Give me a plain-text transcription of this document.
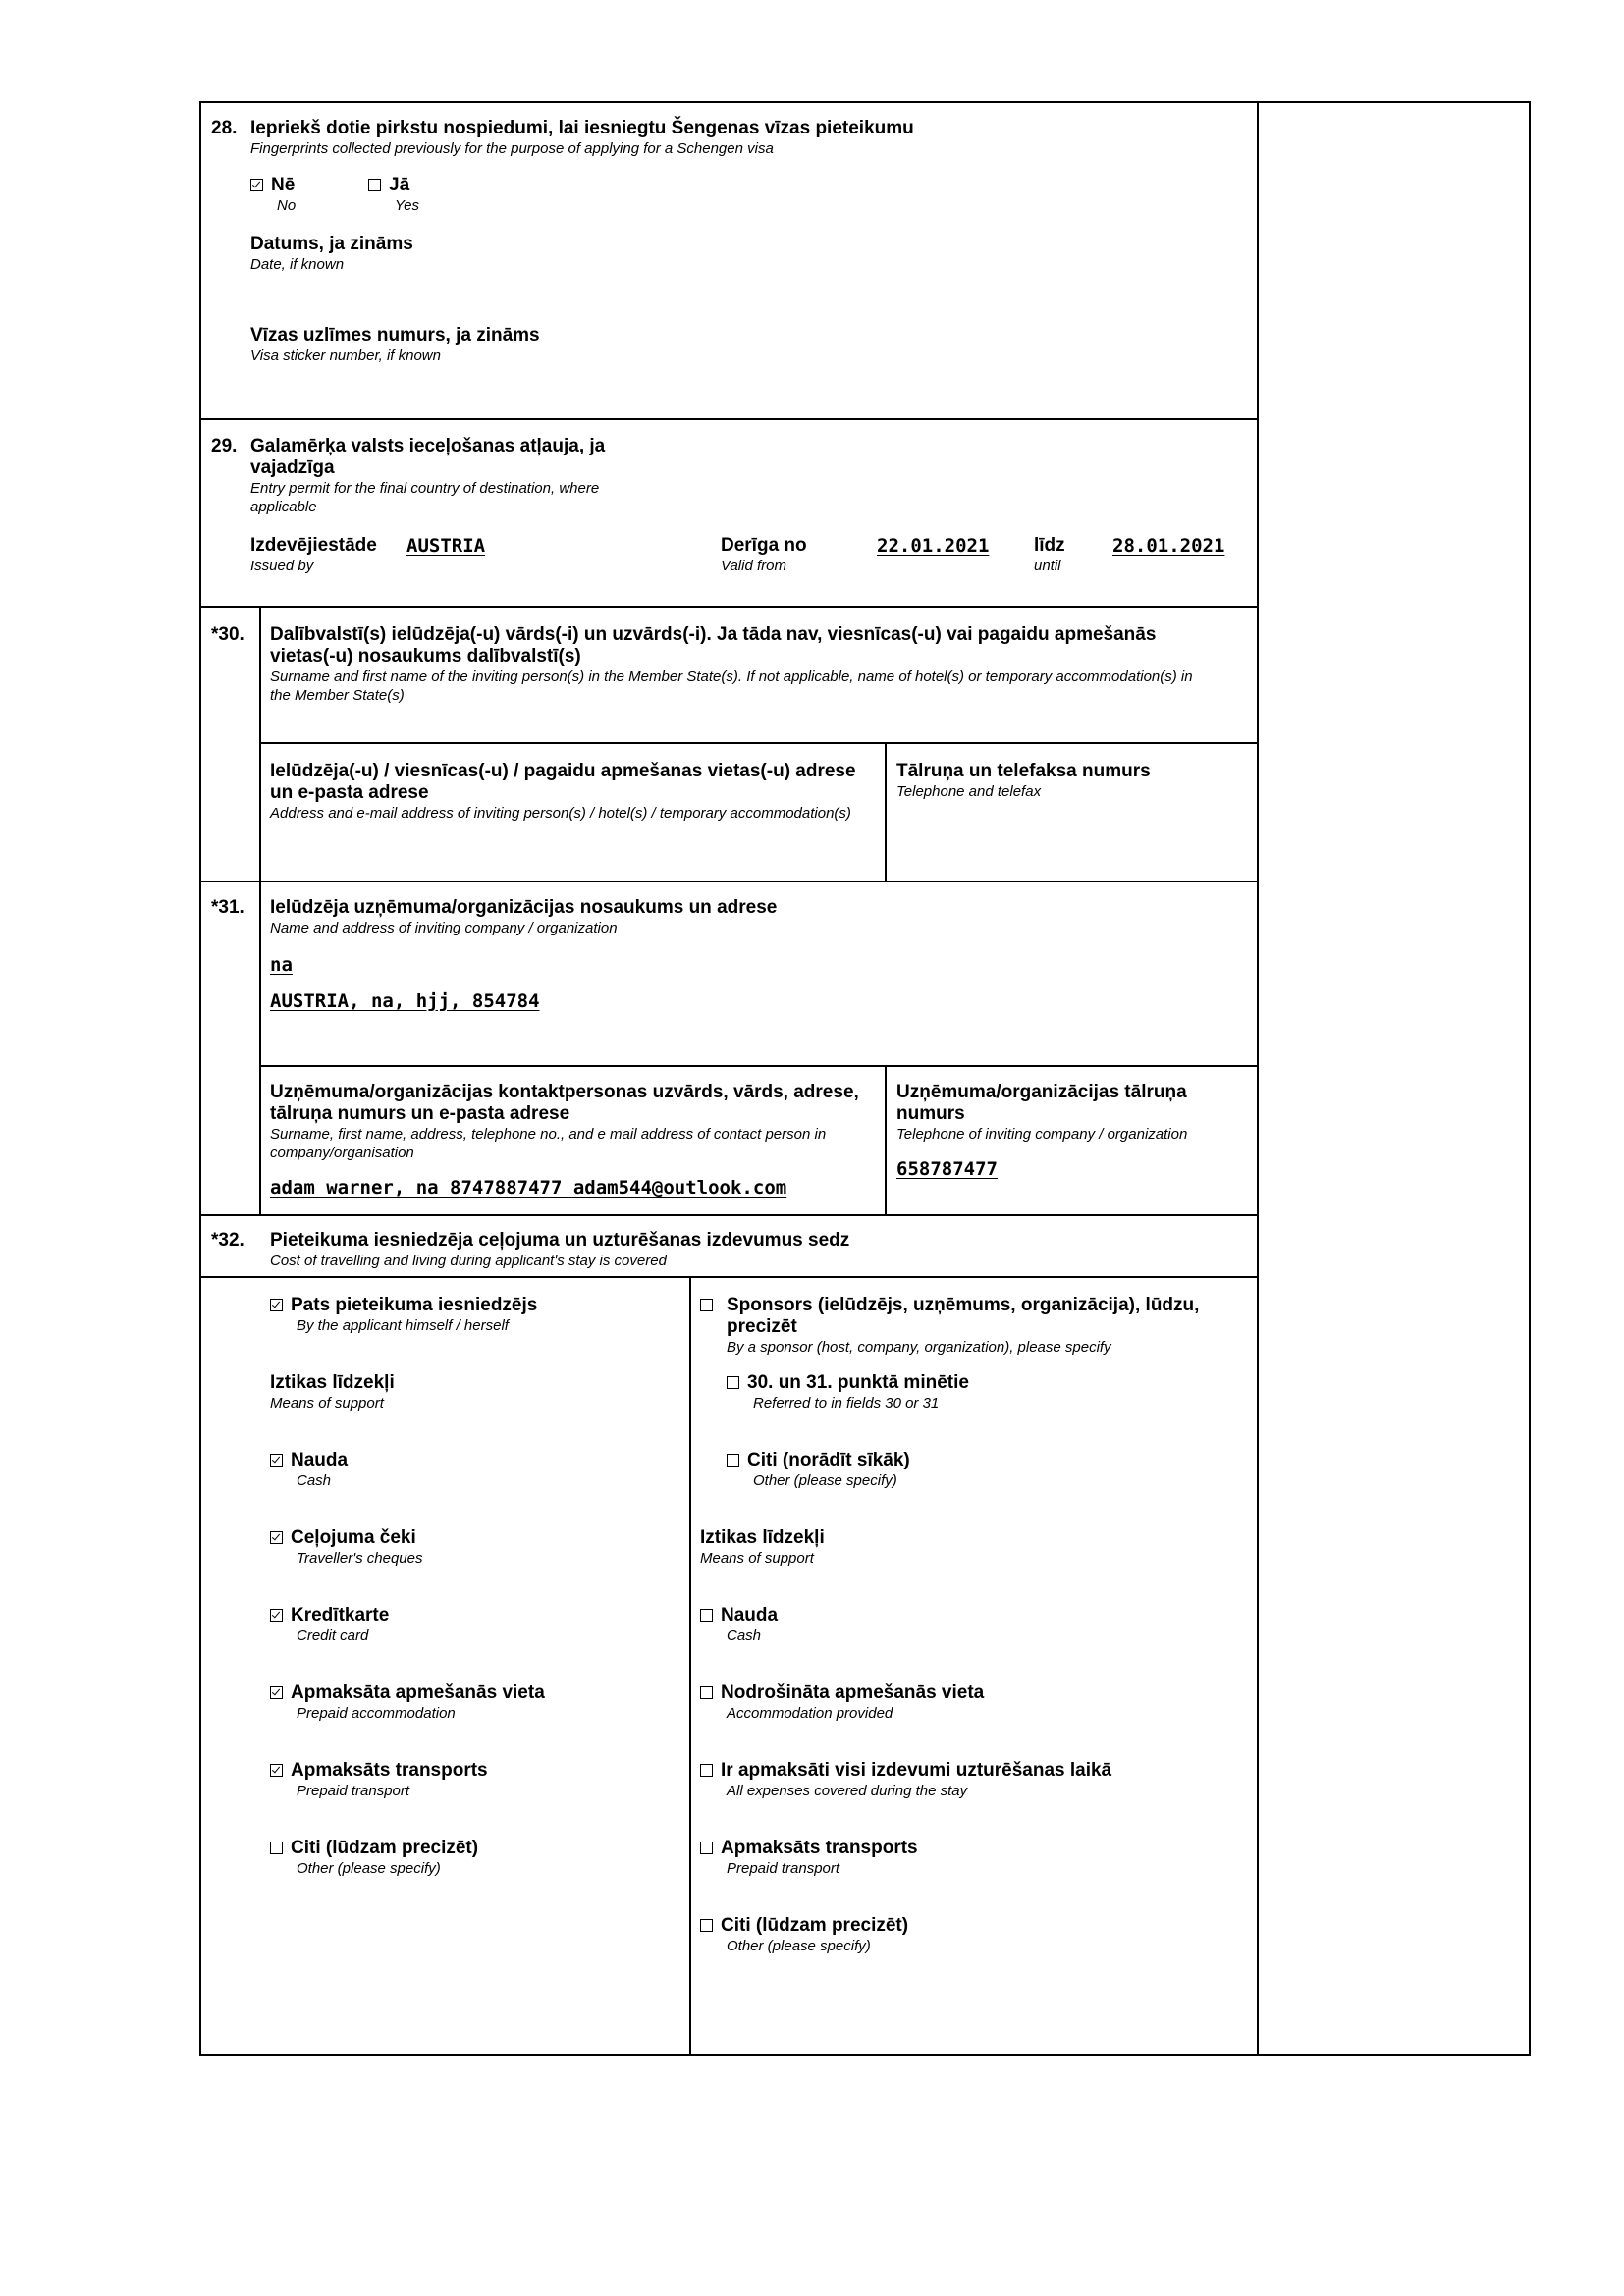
28. Iepriekš dotie pirkstu nospiedumi, lai iesniegtu Šengenas vīzas pieteikumu
Fingerprints collected previously for the purpose of applying for a Schengen visa
Nē
No
Jā
Yes
Datums, ja zināms
Date, if known
Vīzas uzlīmes numurs, ja zināms
Visa sticker number, if known
29. Galamērķa valsts ieceļošanas atļauja, ja vajadzīga
Entry permit for the final country of destination, where applicable
Izdevējiestāde
Issued by
AUSTRIA	Derīga no
Valid from
22.01.2021 līdz
until
28.01.2021
*30. Dalībvalstī(s) ielūdzēja(-u) vārds(-i) un uzvārds(-i). Ja tāda nav, viesnīcas(-u) vai pagaidu apmešanās vietas(-u) nosaukums dalībvalstī(s)
Surname and first name of the inviting person(s) in the Member State(s). If not applicable, name of hotel(s) or temporary accommodation(s) in the Member State(s)
Ielūdzēja(-u) / viesnīcas(-u) / pagaidu apmešanas vietas(-u) adrese un e-pasta adrese
Address and e-mail address of inviting person(s) / hotel(s) / temporary accommodation(s)
Tālruņa un telefaksa numurs
Telephone and telefax
*31. Ielūdzēja uzņēmuma/organizācijas nosaukums un adrese
Name and address of inviting company / organization
na
AUSTRIA, na, hjj, 854784
Uzņēmuma/organizācijas kontaktpersonas uzvārds, vārds, adrese, tālruņa numurs un e-pasta adrese
Surname, first name, address, telephone no., and e mail address of contact person in company/organisation
adam warner, na 8747887477 adam544@outlook.com
Uzņēmuma/organizācijas tālruņa numurs
Telephone of inviting company / organization
658787477
*32. Pieteikuma iesniedzēja ceļojuma un uzturēšanas izdevumus sedz
Cost of travelling and living during applicant's stay is covered
Pats pieteikuma iesniedzējs
By the applicant himself / herself
Iztikas līdzekļi
Means of support
Nauda
Cash
Ceļojuma čeki
Traveller's cheques
Kredītkarte
Credit card
Apmaksāta apmešanās vieta
Prepaid accommodation
Apmaksāts transports
Prepaid transport
Citi (lūdzam precizēt)
Other (please specify)
Sponsors (ielūdzējs, uzņēmums, organizācija), lūdzu, precizēt
By a sponsor (host, company, organization), please specify
30. un 31. punktā minētie
Referred to in fields 30 or 31
Citi (norādīt sīkāk)
Other (please specify)
Iztikas līdzekļi
Means of support
Nauda
Cash
Nodrošināta apmešanās vieta
Accommodation provided
Ir apmaksāti visi izdevumi uzturēšanas laikā
All expenses covered during the stay
Apmaksāts transports
Prepaid transport
Citi (lūdzam precizēt)
Other (please specify)
